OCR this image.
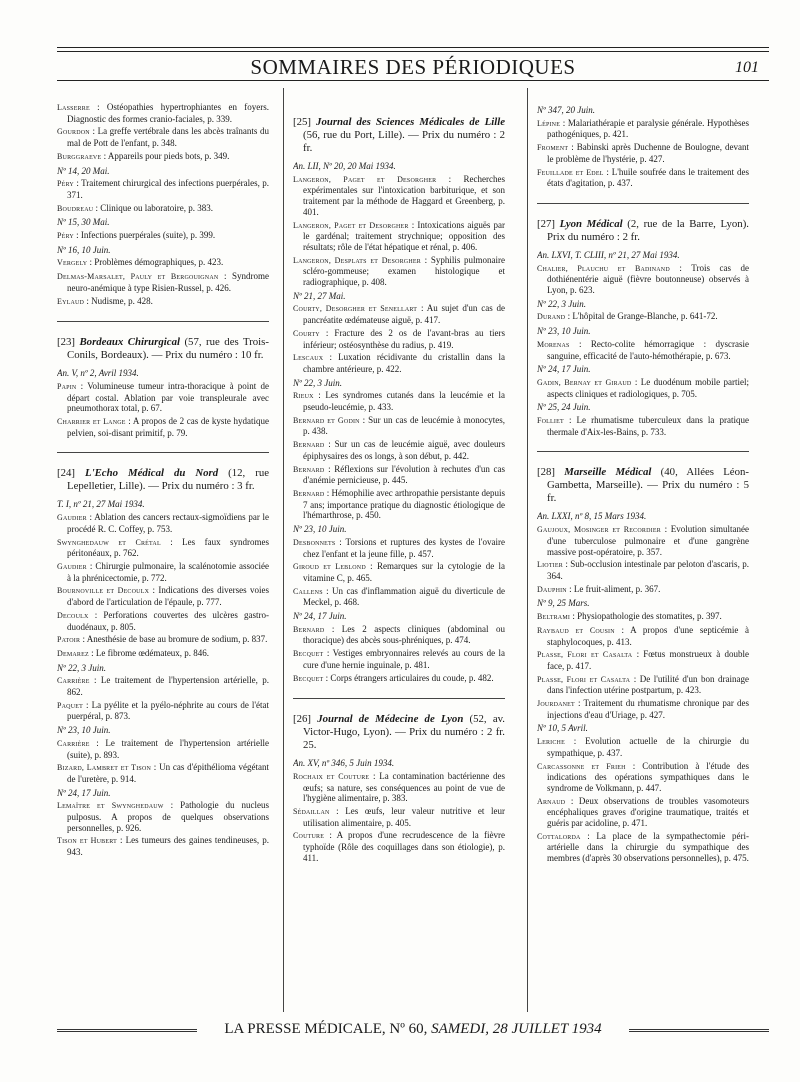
SOMMAIRES DES PÉRIODIQUES	101
Lasserre : Ostéopathies hypertrophiantes en foyers. Diagnostic des formes cranio-faciales, p. 339.
Gourdon : La greffe vertébrale dans les abcès traînants du mal de Pott de l'enfant, p. 348.
Burggraeve : Appareils pour pieds bots, p. 349.
Nº 14, 20 Mai.
Péry : Traitement chirurgical des infections puerpérales, p. 371.
Boudreau : Clinique ou laboratoire, p. 383.
Nº 15, 30 Mai.
Péry : Infections puerpérales (suite), p. 399.
Nº 16, 10 Juin.
Vergely : Problèmes démographiques, p. 423.
Delmas-Marsalet, Pauly et Bergouignan : Syndrome neuro-anémique à type Risien-Russel, p. 426.
Eylaud : Nudisme, p. 428.
[23] Bordeaux Chirurgical (57, rue des Trois-Conils, Bordeaux). — Prix du numéro : 10 fr.
An. V, nº 2, Avril 1934.
Papin : Volumineuse tumeur intra-thoracique à point de départ costal. Ablation par voie transpleurale avec pneumothorax total, p. 67.
Charrier et Lange : A propos de 2 cas de kyste hydatique pelvien, soi-disant primitif, p. 79.
[24] L'Echo Médical du Nord (12, rue Lepelletier, Lille). — Prix du numéro : 3 fr.
T. I, nº 21, 27 Mai 1934.
Gaudier : Ablation des cancers rectaux-sigmoïdiens par le procédé R. C. Coffey, p. 753.
Swynghedauw et Crétal : Les faux syndromes péritonéaux, p. 762.
Gaudier : Chirurgie pulmonaire, la scalénotomie associée à la phrénicectomie, p. 772.
Bournoville et Decoulx : Indications des diverses voies d'abord de l'articulation de l'épaule, p. 777.
Decoulx : Perforations couvertes des ulcères gastro-duodénaux, p. 805.
Patoir : Anesthésie de base au bromure de sodium, p. 837.
Demarez : Le fibrome œdémateux, p. 846.
Nº 22, 3 Juin.
Carrière : Le traitement de l'hypertension artérielle, p. 862.
Paquet : La pyélite et la pyélo-néphrite au cours de l'état puerpéral, p. 873.
Nº 23, 10 Juin.
Carrière : Le traitement de l'hypertension artérielle (suite), p. 893.
Bizard, Lambret et Tison : Un cas d'épithélioma végétant de l'uretère, p. 914.
Nº 24, 17 Juin.
Lemaître et Swynghedauw : Pathologie du nucleus pulposus. A propos de quelques observations personnelles, p. 926.
Tison et Hubert : Les tumeurs des gaines tendineuses, p. 943.
[25] Journal des Sciences Médicales de Lille (56, rue du Port, Lille). — Prix du numéro : 2 fr.
An. LII, Nº 20, 20 Mai 1934.
Langeron, Paget et Desorgher : Recherches expérimentales sur l'intoxication barbiturique, et son traitement par la méthode de Haggard et Greenberg, p. 401.
Langeron, Paget et Desorgher : Intoxications aiguës par le gardénal; traitement strychnique; opposition des résultats; rôle de l'état hépatique et rénal, p. 406.
Langeron, Desplats et Desorgher : Syphilis pulmonaire scléro-gommeuse; examen histologique et radiographique, p. 408.
Nº 21, 27 Mai.
Courty, Desorgher et Senellart : Au sujet d'un cas de pancréatite œdémateuse aiguë, p. 417.
Courty : Fracture des 2 os de l'avant-bras au tiers inférieur; ostéosynthèse du radius, p. 419.
Lescaux : Luxation récidivante du cristallin dans la chambre antérieure, p. 422.
Nº 22, 3 Juin.
Rieux : Les syndromes cutanés dans la leucémie et la pseudo-leucémie, p. 433.
Bernard et Godin : Sur un cas de leucémie à monocytes, p. 438.
Bernard : Sur un cas de leucémie aiguë, avec douleurs épiphysaires des os longs, à son début, p. 442.
Bernard : Réflexions sur l'évolution à rechutes d'un cas d'anémie pernicieuse, p. 445.
Bernard : Hémophilie avec arthropathie persistante depuis 7 ans; importance pratique du diagnostic étiologique de l'hémarthrose, p. 450.
Nº 23, 10 Juin.
Desbonnets : Torsions et ruptures des kystes de l'ovaire chez l'enfant et la jeune fille, p. 457.
Giroud et Leblond : Remarques sur la cytologie de la vitamine C, p. 465.
Callens : Un cas d'inflammation aiguë du diverticule de Meckel, p. 468.
Nº 24, 17 Juin.
Bernard : Les 2 aspects cliniques (abdominal ou thoracique) des abcès sous-phréniques, p. 474.
Becquet : Vestiges embryonnaires relevés au cours de la cure d'une hernie inguinale, p. 481.
Becquet : Corps étrangers articulaires du coude, p. 482.
[26] Journal de Médecine de Lyon (52, av. Victor-Hugo, Lyon). — Prix du numéro : 2 fr. 25.
An. XV, nº 346, 5 Juin 1934.
Rochaix et Couture : La contamination bactérienne des œufs; sa nature, ses conséquences au point de vue de l'hygiène alimentaire, p. 383.
Sédaillan : Les œufs, leur valeur nutritive et leur utilisation alimentaire, p. 405.
Couture : A propos d'une recrudescence de la fièvre typhoïde (Rôle des coquillages dans son étiologie), p. 411.
Nº 347, 20 Juin.
Lépine : Malariathérapie et paralysie générale. Hypothèses pathogéniques, p. 421.
Froment : Babinski après Duchenne de Boulogne, devant le problème de l'hystérie, p. 427.
Feuillade et Edel : L'huile soufrée dans le traitement des états d'agitation, p. 437.
[27] Lyon Médical (2, rue de la Barre, Lyon). Prix du numéro : 2 fr.
An. LXVI, T. CLIII, nº 21, 27 Mai 1934.
Chalier, Plauchu et Badinand : Trois cas de dothiénentérie aiguë (fièvre boutonneuse) observés à Lyon, p. 623.
Nº 22, 3 Juin.
Durand : L'hôpital de Grange-Blanche, p. 641-72.
Nº 23, 10 Juin.
Morenas : Recto-colite hémorragique : dyscrasie sanguine, efficacité de l'auto-hémothérapie, p. 673.
Nº 24, 17 Juin.
Gadin, Bernay et Giraud : Le duodénum mobile partiel; aspects cliniques et radiologiques, p. 705.
Nº 25, 24 Juin.
Folliet : Le rhumatisme tuberculeux dans la pratique thermale d'Aix-les-Bains, p. 733.
[28] Marseille Médical (40, Allées Léon-Gambetta, Marseille). — Prix du numéro : 5 fr.
An. LXXI, nº 8, 15 Mars 1934.
Gaujoux, Mosinger et Recordier : Evolution simultanée d'une tuberculose pulmonaire et d'une gangrène massive post-opératoire, p. 357.
Liotier : Sub-occlusion intestinale par peloton d'ascaris, p. 364.
Dauphin : Le fruit-aliment, p. 367.
Nº 9, 25 Mars.
Beltrami : Physiopathologie des stomatites, p. 397.
Raybaud et Cousin : A propos d'une septicémie à staphylocoques, p. 413.
Plasse, Flori et Casalta : Fœtus monstrueux à double face, p. 417.
Plasse, Flori et Casalta : De l'utilité d'un bon drainage dans l'infection utérine postpartum, p. 423.
Jourdanet : Traitement du rhumatisme chronique par des injections d'eau d'Uriage, p. 427.
Nº 10, 5 Avril.
Leriche : Evolution actuelle de la chirurgie du sympathique, p. 437.
Carcassonne et Frieh : Contribution à l'étude des indications des opérations sympathiques dans le syndrome de Volkmann, p. 447.
Arnaud : Deux observations de troubles vasomoteurs encéphaliques graves d'origine traumatique, traités et guéris par acidoline, p. 471.
Cottalorda : La place de la sympathectomie péri-artérielle dans la chirurgie du sympathique des membres (d'après 30 observations personnelles), p. 475.
LA PRESSE MÉDICALE, Nº 60, SAMEDI, 28 JUILLET 1934
